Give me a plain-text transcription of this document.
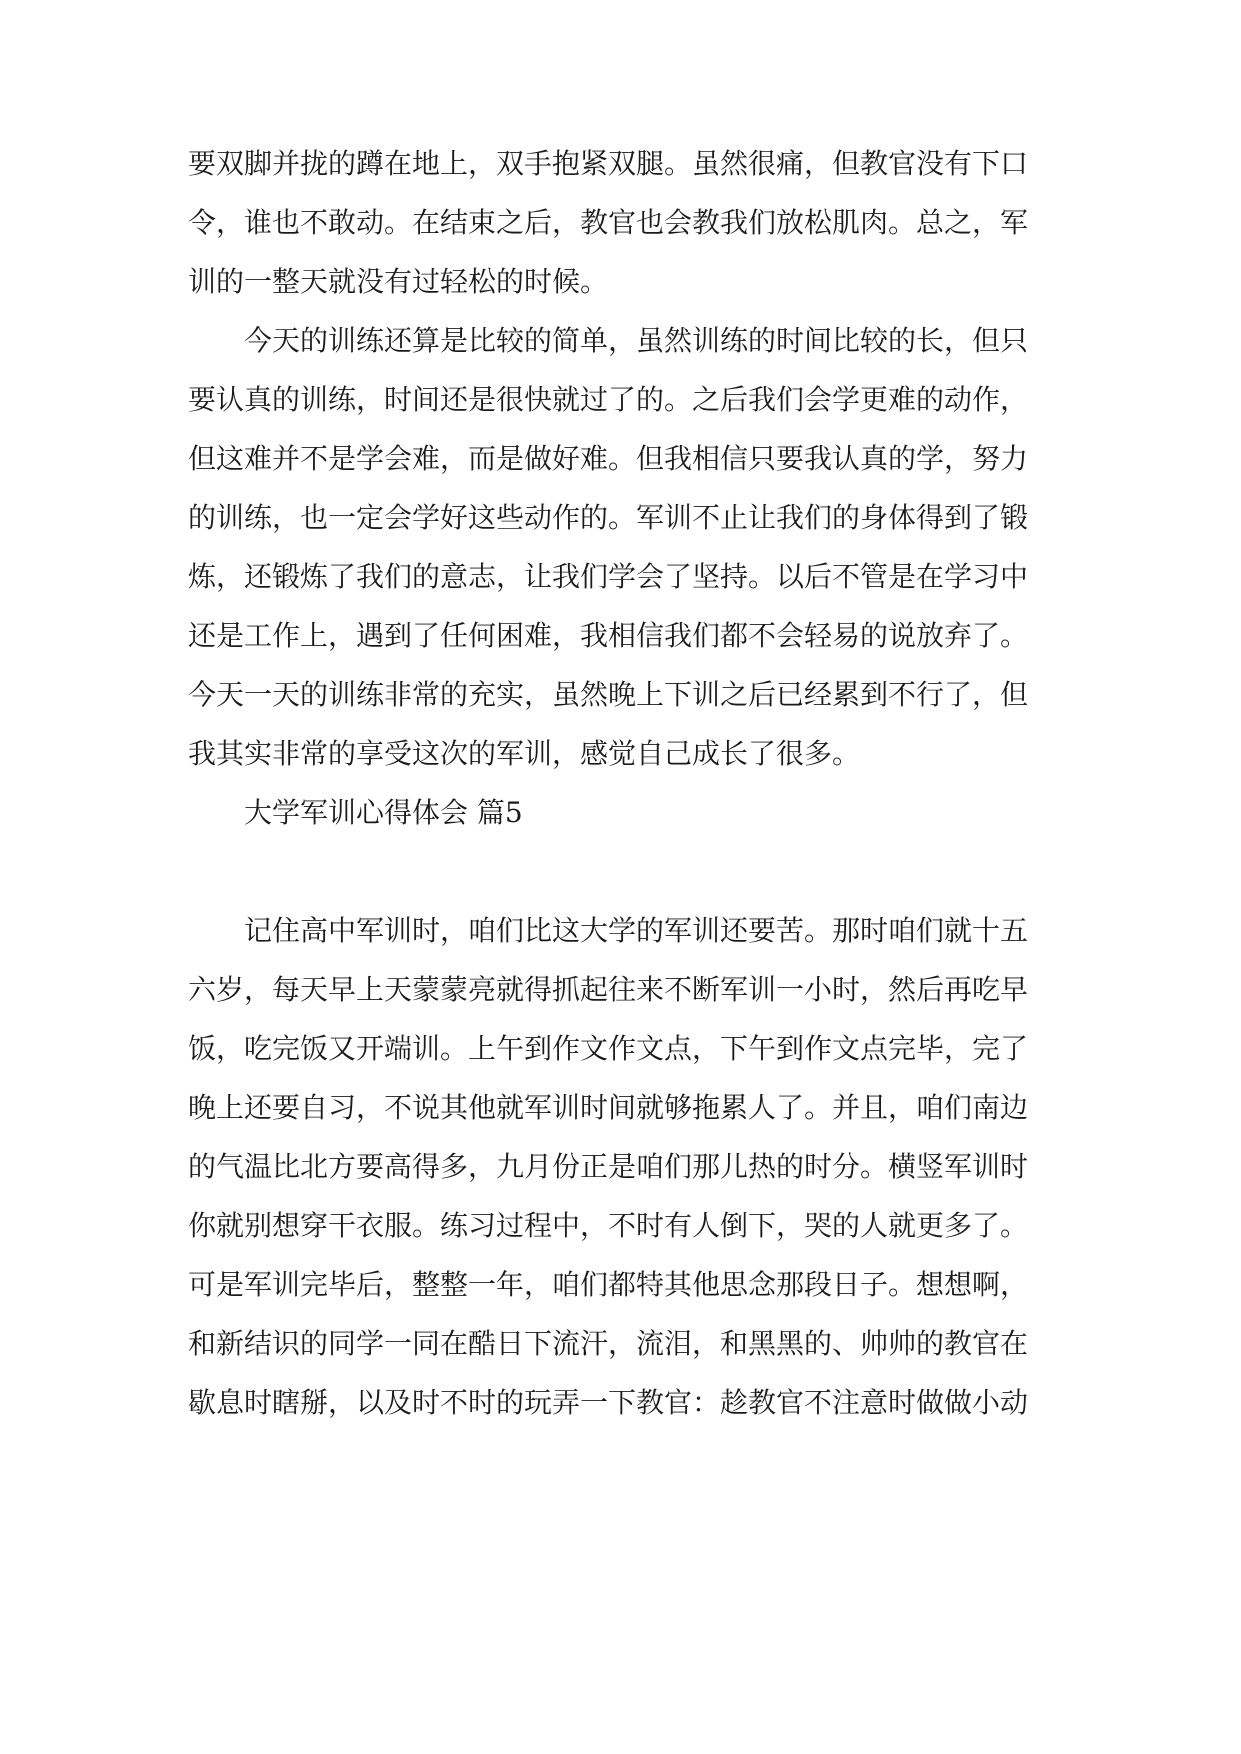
要双脚并拢的蹲在地上，双手抱紧双腿。虽然很痛，但教官没有下口
令，谁也不敢动。在结束之后，教官也会教我们放松肌肉。总之，军
训的一整天就没有过轻松的时候。
今天的训练还算是比较的简单，虽然训练的时间比较的长，但只
要认真的训练，时间还是很快就过了的。之后我们会学更难的动作，
但这难并不是学会难，而是做好难。但我相信只要我认真的学，努力
的训练，也一定会学好这些动作的。军训不止让我们的身体得到了锻
炼，还锻炼了我们的意志，让我们学会了坚持。以后不管是在学习中
还是工作上，遇到了任何困难，我相信我们都不会轻易的说放弃了。
今天一天的训练非常的充实，虽然晚上下训之后已经累到不行了，但
我其实非常的享受这次的军训，感觉自己成长了很多。
大学军训心得体会 篇5
记住高中军训时，咱们比这大学的军训还要苦。那时咱们就十五
六岁，每天早上天蒙蒙亮就得抓起往来不断军训一小时，然后再吃早
饭，吃完饭又开端训。上午到作文作文点，下午到作文点完毕，完了
晚上还要自习，不说其他就军训时间就够拖累人了。并且，咱们南边
的气温比北方要高得多，九月份正是咱们那儿热的时分。横竖军训时
你就别想穿干衣服。练习过程中，不时有人倒下，哭的人就更多了。
可是军训完毕后，整整一年，咱们都特其他思念那段日子。想想啊，
和新结识的同学一同在酷日下流汗，流泪，和黑黑的、帅帅的教官在
歇息时瞎掰，以及时不时的玩弄一下教官：趁教官不注意时做做小动
